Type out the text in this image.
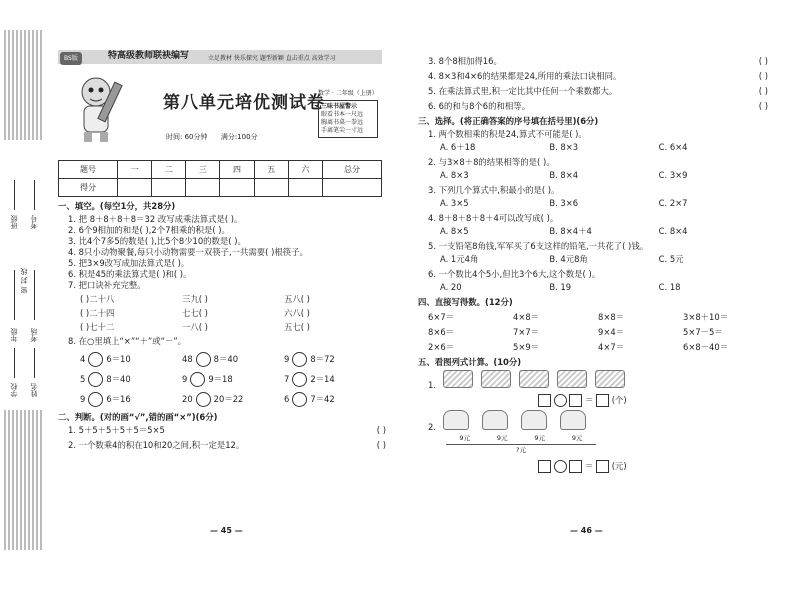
班级 考号
密 封 线
年级 考场
学校 姓名
BS版	特高级教师联袂编写	立足教材 快乐探究 题型新颖 直击重点 高效学习
第八单元培优测试卷
时间: 60分钟 满分:100分
数学 · 二年级（上册）
三味书屋警示
眼看书本一尺远
胸离书桌一拳远
手离笔尖一寸远
题号	一	二	三	四	五	六	总分
得分							
一、填空。(每空1分，共28分)
1. 把 8＋8＋8＋8＝32 改写成乘法算式是( )。
2. 6个9相加的和是( ),2个7相乘的积是( )。
3. 比4个7多5的数是( ),比5个8少10的数是( )。
4. 8只小动物聚餐,每只小动物需要一双筷子,一共需要( )根筷子。
5. 把3×9改写成加法算式是( )。
6. 积是45的乘法算式是( )和( )。
7. 把口诀补充完整。
( )二十八	三九( )	五八( )
( )二十四	七七( )	六八( )
( )七十二	一八( )	五七( )
8. 在○里填上“×”“＋”或“－”。
4	6＝10	48	8＝40	9	8＝72
5	8＝40	9	9＝18	7	2＝14
9	6＝16	20	20＝22	6	7＝42
二、判断。(对的画“√”,错的画“×”)(6分)
1. 5＋5＋5＋5＋5＝5×5	( )
2. 一个数乘4的积在10和20之间,积一定是12。	( )
— 45 —
3. 8个8相加得16。	( )
4. 8×3和4×6的结果都是24,所用的乘法口诀相同。	( )
5. 在乘法算式里,积一定比其中任何一个乘数都大。	( )
6. 6的和与8个6的和相等。	( )
三、选择。(将正确答案的序号填在括号里)(6分)
1. 两个数相乘的积是24,算式不可能是( )。
A. 6＋18	B. 8×3	C. 6×4
2. 与3×8＋8的结果相等的是( )。
A. 8×3	B. 8×4	C. 3×9
3. 下列几个算式中,积最小的是( )。
A. 3×5	B. 3×6	C. 2×7
4. 8＋8＋8＋8＋4可以改写成( )。
A. 8×5	B. 8×4＋4	C. 8×4
5. 一支铅笔8角钱,军军买了6支这样的铅笔,一共花了( )钱。
A. 1元4角	B. 4元8角	C. 5元
6. 一个数比4个5小,但比3个6大,这个数是( )。
A. 20	B. 19	C. 18
四、直接写得数。(12分)
6×7＝	4×8＝	8×8＝	3×8＋10＝
8×6＝	7×7＝	9×4＝	5×7－5＝
2×6＝	5×9＝	4×7＝	6×8－40＝
五、看图列式计算。(10分)
1.
＝  (个)
2.
9元	9元	9元	9元
?元
＝  (元)
— 46 —
